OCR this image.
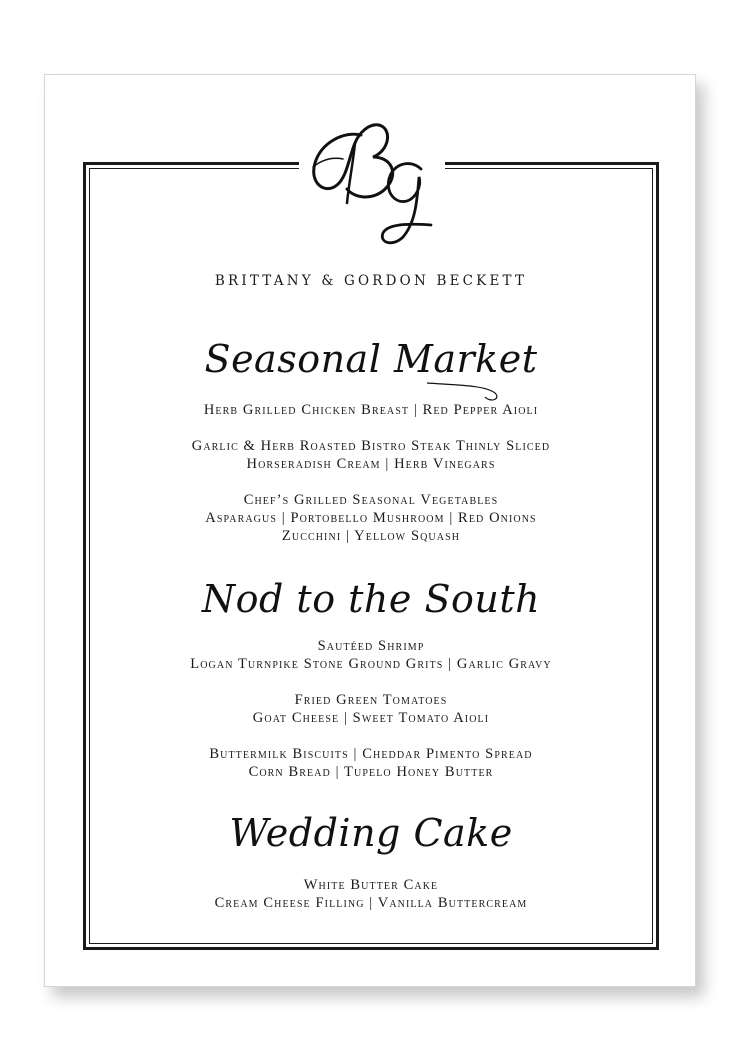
BRITTANY & GORDON BECKETT
Seasonal Market
Herb Grilled Chicken Breast | Red Pepper Aioli
Garlic & Herb Roasted Bistro Steak Thinly Sliced
Horseradish Cream | Herb Vinegars
Chef’s Grilled Seasonal Vegetables
Asparagus | Portobello Mushroom | Red Onions
Zucchini | Yellow Squash
Nod to the South
Sautéed Shrimp
Logan Turnpike Stone Ground Grits | Garlic Gravy
Fried Green Tomatoes
Goat Cheese | Sweet Tomato Aioli
Buttermilk Biscuits | Cheddar Pimento Spread
Corn Bread | Tupelo Honey Butter
Wedding Cake
White Butter Cake
Cream Cheese Filling | Vanilla Buttercream
